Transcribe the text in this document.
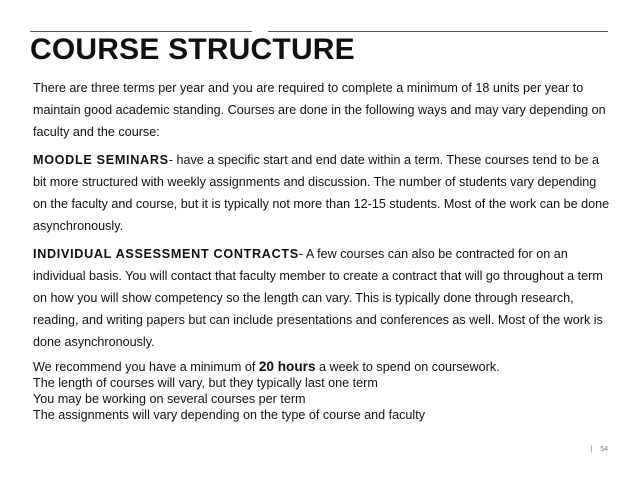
COURSE STRUCTURE

There are three terms per year and you are required to complete a minimum of 18 units per year to maintain good academic standing. Courses are done in the following ways and may vary depending on faculty and the course:

MOODLE SEMINARS- have a specific start and end date within a term. These courses tend to be a bit more structured with weekly assignments and discussion. The number of students vary depending on the faculty and course, but it is typically not more than 12-15 students. Most of the work can be done asynchronously.

INDIVIDUAL ASSESSMENT CONTRACTS- A few courses can also be contracted for on an individual basis. You will contact that faculty member to create a contract that will go throughout a term on how you will show competency so the length can vary. This is typically done through research, reading, and writing papers but can include presentations and conferences as well. Most of the work is done asynchronously.

We recommend you have a minimum of 20 hours a week to spend on coursework.

The length of courses will vary, but they typically last one term

You may be working on several courses per term

The assignments will vary depending on the type of course and faculty

| 54
